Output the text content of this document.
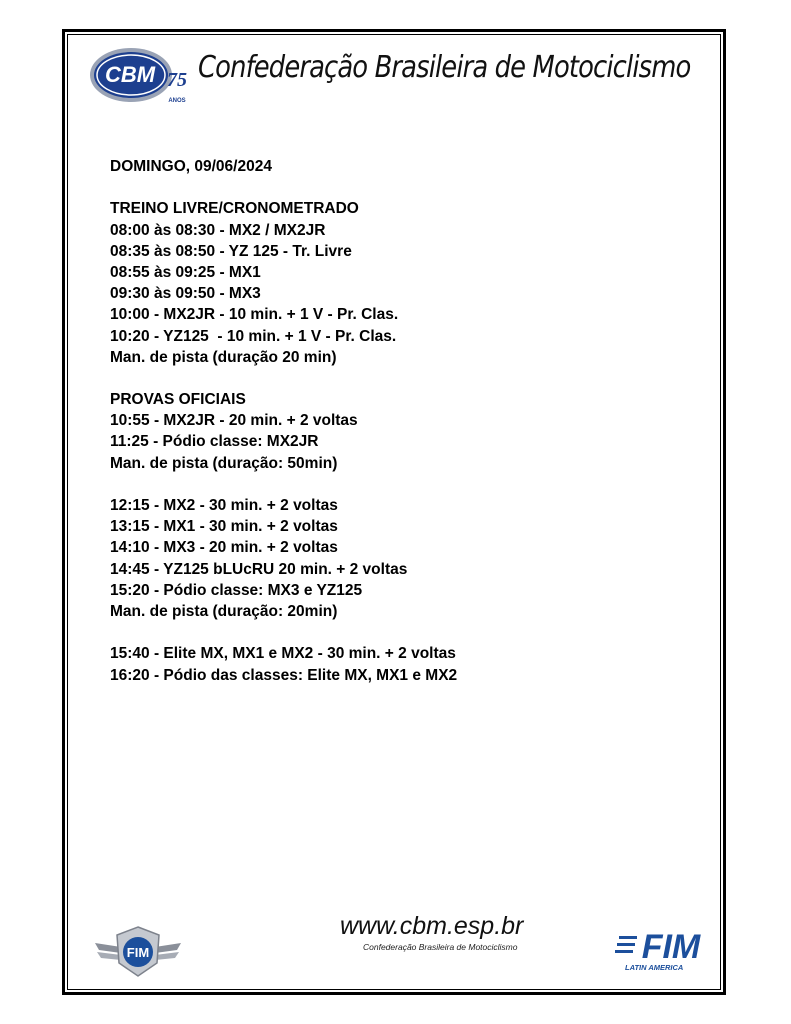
CBM 75
ANOS
Confederação Brasileira de Motociclismo
DOMINGO, 09/06/2024
TREINO LIVRE/CRONOMETRADO
08:00 às 08:30 - MX2 / MX2JR
08:35 às 08:50 - YZ 125 - Tr. Livre
08:55 às 09:25 - MX1
09:30 às 09:50 - MX3
10:00 - MX2JR - 10 min. + 1 V - Pr. Clas.
10:20 - YZ125  - 10 min. + 1 V - Pr. Clas.
Man. de pista (duração 20 min)
PROVAS OFICIAIS
10:55 - MX2JR - 20 min. + 2 voltas
11:25 - Pódio classe: MX2JR
Man. de pista (duração: 50min)
12:15 - MX2 - 30 min. + 2 voltas
13:15 - MX1 - 30 min. + 2 voltas
14:10 - MX3 - 20 min. + 2 voltas
14:45 - YZ125 bLUcRU 20 min. + 2 voltas
15:20 - Pódio classe: MX3 e YZ125
Man. de pista (duração: 20min)
15:40 - Elite MX, MX1 e MX2 - 30 min. + 2 voltas
16:20 - Pódio das classes: Elite MX, MX1 e MX2
FIM
www.cbm.esp.br
Confederação Brasileira de Motociclismo	FIM
LATIN AMERICA
